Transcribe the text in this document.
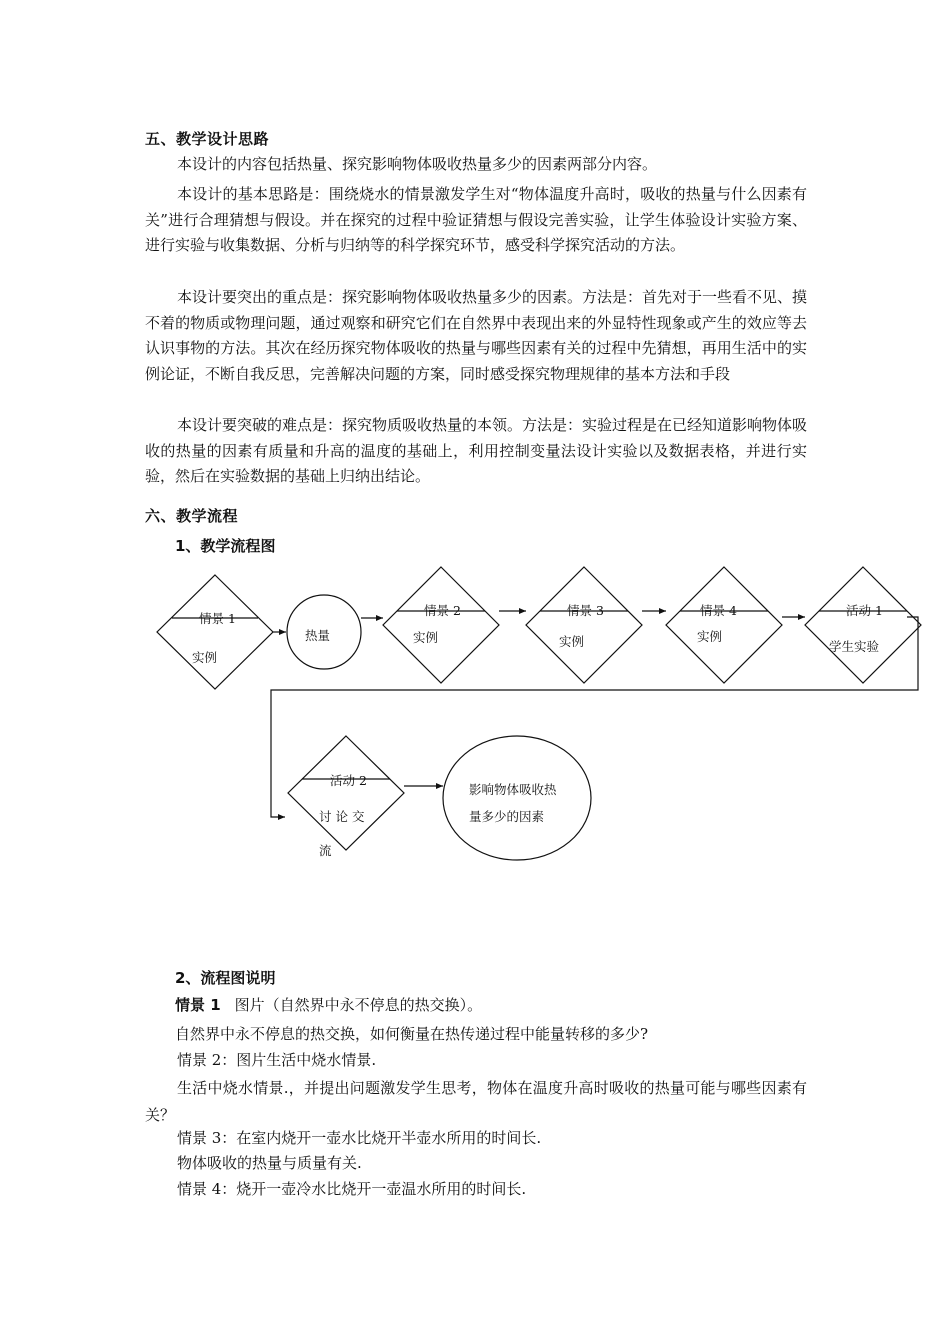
五、教学设计思路

本设计的内容包括热量、探究影响物体吸收热量多少的因素两部分内容。

本设计的基本思路是：围绕烧水的情景激发学生对“物体温度升高时，吸收的热量与什么因素有关”进行合理猜想与假设。并在探究的过程中验证猜想与假设完善实验，让学生体验设计实验方案、进行实验与收集数据、分析与归纳等的科学探究环节，感受科学探究活动的方法。

本设计要突出的重点是：探究影响物体吸收热量多少的因素。方法是：首先对于一些看不见、摸不着的物质或物理问题，通过观察和研究它们在自然界中表现出来的外显特性现象或产生的效应等去认识事物的方法。其次在经历探究物体吸收的热量与哪些因素有关的过程中先猜想，再用生活中的实例论证，不断自我反思，完善解决问题的方案，同时感受探究物理规律的基本方法和手段

本设计要突破的难点是：探究物质吸收热量的本领。方法是：实验过程是在已经知道影响物体吸收的热量的因素有质量和升高的温度的基础上，利用控制变量法设计实验以及数据表格，并进行实验，然后在实验数据的基础上归纳出结论。

六、教学流程
1、教学流程图
情景 1
实例
热量
情景 2
实例
情景 3
实例
情景 4
实例
活动 1
学生实验
活动 2
讨 论 交
流
影响物体吸收热
量多少的因素
2、流程图说明
情景 1 图片（自然界中永不停息的热交换）。
自然界中永不停息的热交换，如何衡量在热传递过程中能量转移的多少?
情景 2：图片生活中烧水情景.

生活中烧水情景.，并提出问题激发学生思考，物体在温度升高时吸收的热量可能与哪些因素有关？

情景 3：在室内烧开一壶水比烧开半壶水所用的时间长.
物体吸收的热量与质量有关.
情景 4：烧开一壶冷水比烧开一壶温水所用的时间长.
